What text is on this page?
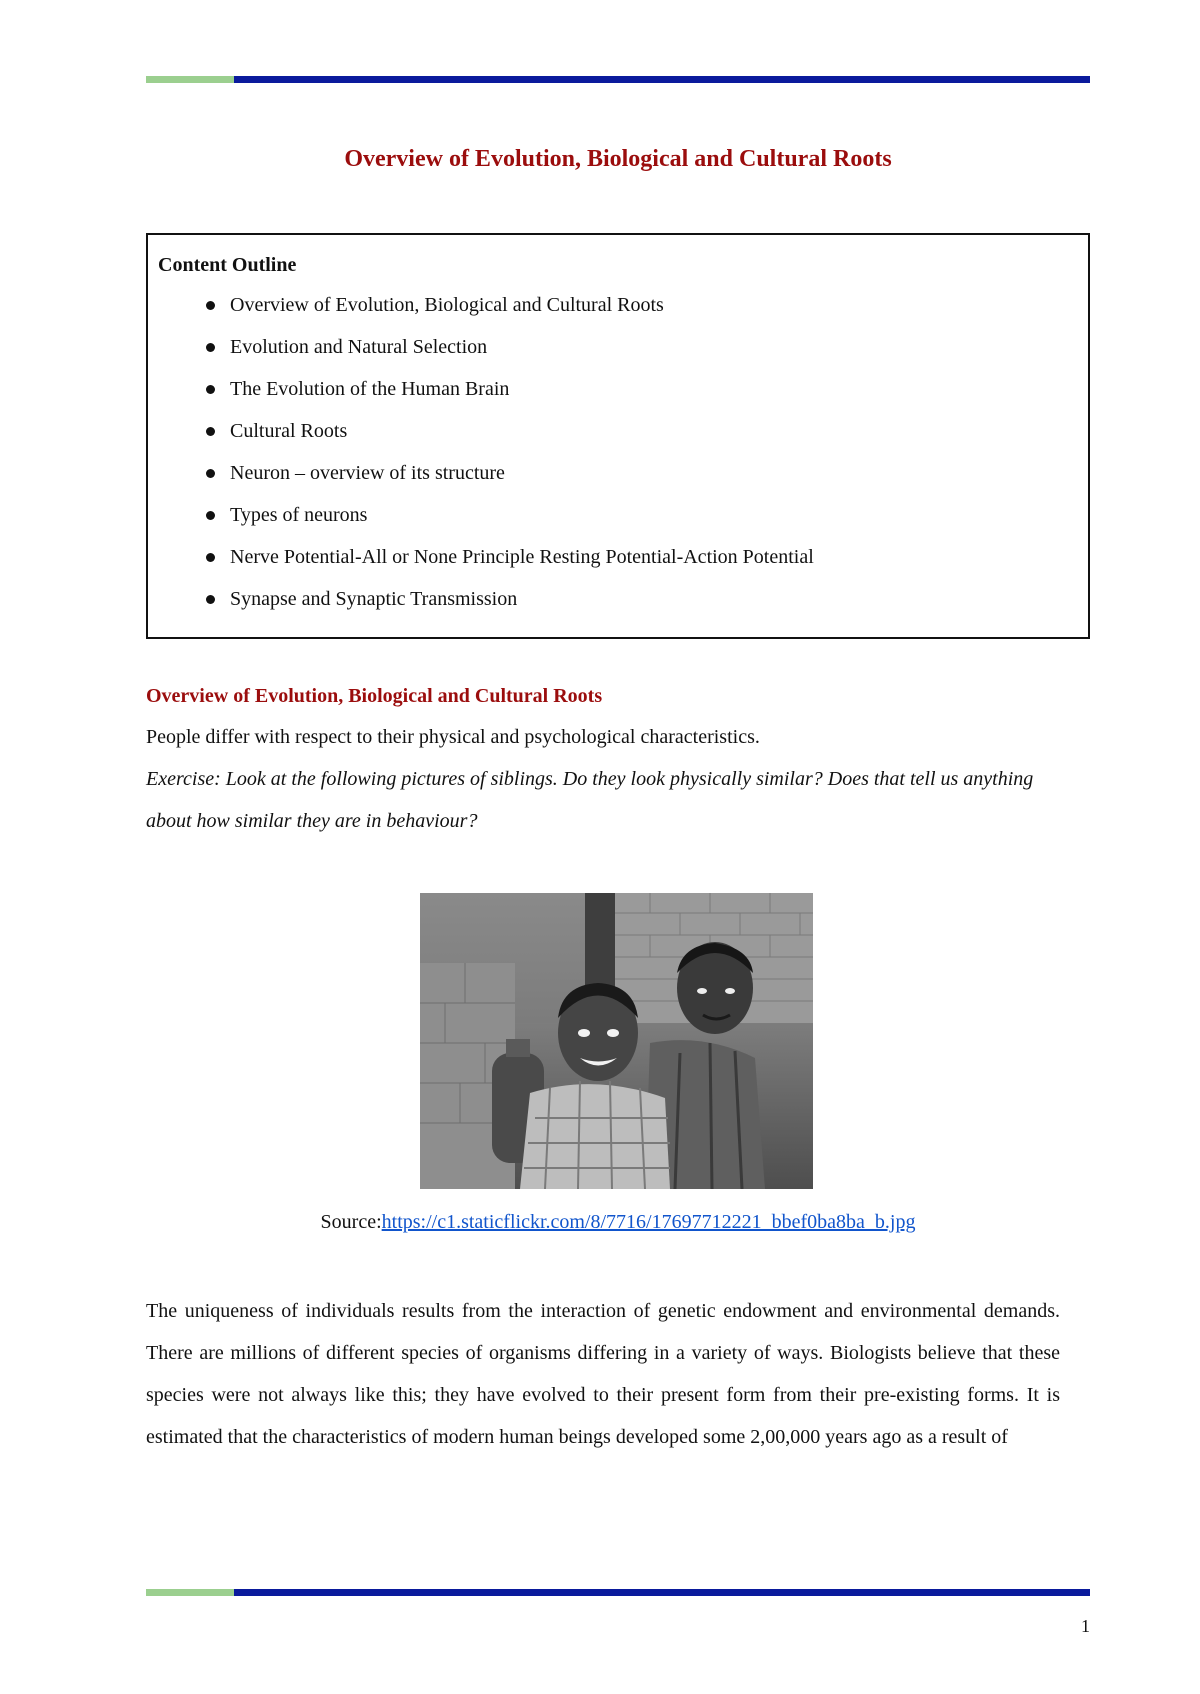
Overview of Evolution, Biological and Cultural Roots

Content Outline

Overview of Evolution, Biological and Cultural Roots
Evolution and Natural Selection
The Evolution of the Human Brain
Cultural Roots
Neuron – overview of its structure
Types of neurons
Nerve Potential-All or None Principle Resting Potential-Action Potential
Synapse and Synaptic Transmission
Overview of Evolution, Biological and Cultural Roots

People differ with respect to their physical and psychological characteristics.

Exercise: Look at the following pictures of siblings. Do they look physically similar? Does that tell us anything about how similar they are in behaviour?

Source:https://c1.staticflickr.com/8/7716/17697712221_bbef0ba8ba_b.jpg

The uniqueness of individuals results from the interaction of genetic endowment and environmental demands. There are millions of different species of organisms differing in a variety of ways. Biologists believe that these species were not always like this; they have evolved to their present form from their pre-existing forms. It is estimated that the characteristics of modern human beings developed some 2,00,000 years ago as a result of

1
